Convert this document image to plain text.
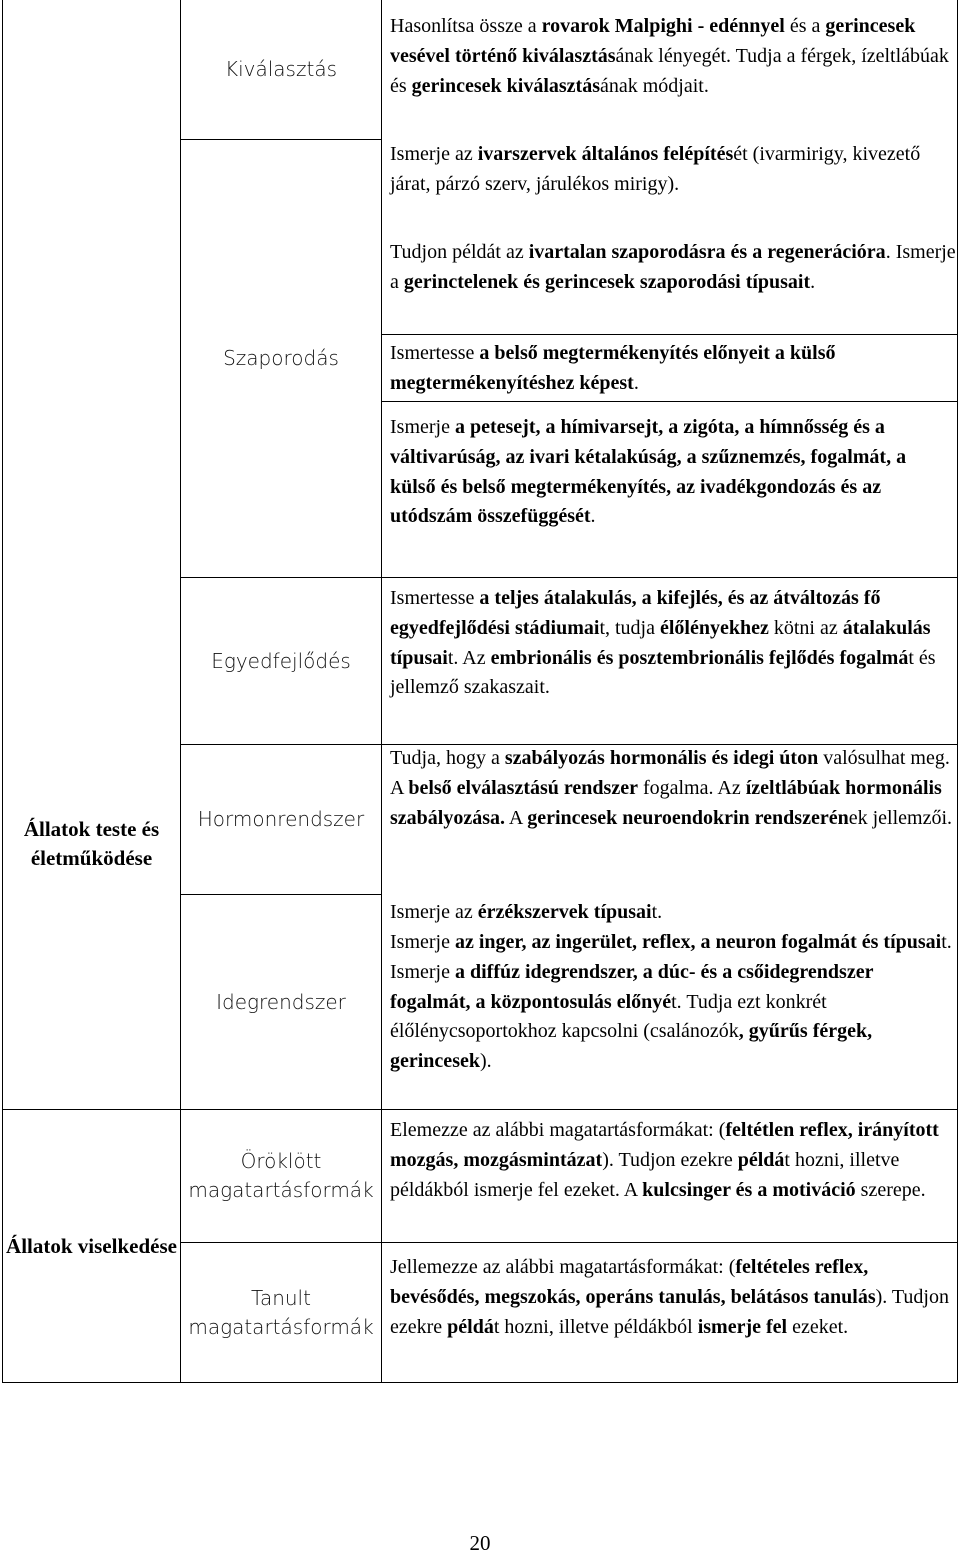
Állatok teste és életműködése
Állatok viselkedése
Kiválasztás
Szaporodás
Egyedfejlődés
Hormonrendszer
Idegrendszer
Öröklött magatartásformák
Tanult magatartásformák

Hasonlítsa össze a rovarok Malpighi - edénnyel és a gerincesek vesével történő kiválasztásának lényegét. Tudja a férgek, ízeltlábúak és gerincesek kiválasztásának módjait.

Ismerje az ivarszervek általános felépítését (ivarmirigy, kivezető járat, párzó szerv, járulékos mirigy).

Tudjon példát az ivartalan szaporodásra és a regenerációra. Ismerje a gerinctelenek és gerincesek szaporodási típusait.

Ismertesse a belső megtermékenyítés előnyeit a külső megtermékenyítéshez képest.

Ismerje a petesejt, a hímivarsejt, a zigóta, a hímnősség és a váltivarúság, az ivari kétalakúság, a szűznemzés, fogalmát, a külső és belső megtermékenyítés, az ivadékgondozás és az utódszám összefüggését.

Ismertesse a teljes átalakulás, a kifejlés, és az átváltozás fő egyedfejlődési stádiumait, tudja élőlényekhez kötni az átalakulás típusait. Az embrionális és posztembrionális fejlődés fogalmát és jellemző szakaszait.

Tudja, hogy a szabályozás hormonális és idegi úton valósulhat meg. A belső elválasztású rendszer fogalma. Az ízeltlábúak hormonális szabályozása. A gerincesek neuroendokrin rendszerének jellemzői.

Ismerje az érzékszervek típusait.

Ismerje az inger, az ingerület, reflex, a neuron fogalmát és típusait. Ismerje a diffúz idegrendszer, a dúc- és a csőidegrendszer fogalmát, a központosulás előnyét. Tudja ezt konkrét élőlénycsoportokhoz kapcsolni (csalánozók, gyűrűs férgek, gerincesek).

Elemezze az alábbi magatartásformákat: (feltétlen reflex, irányított mozgás, mozgásmintázat). Tudjon ezekre példát hozni, illetve példákból ismerje fel ezeket. A kulcsinger és a motiváció szerepe.

Jellemezze az alábbi magatartásformákat: (feltételes reflex, bevésődés, megszokás, operáns tanulás, belátásos tanulás). Tudjon ezekre példát hozni, illetve példákból ismerje fel ezeket.

20
